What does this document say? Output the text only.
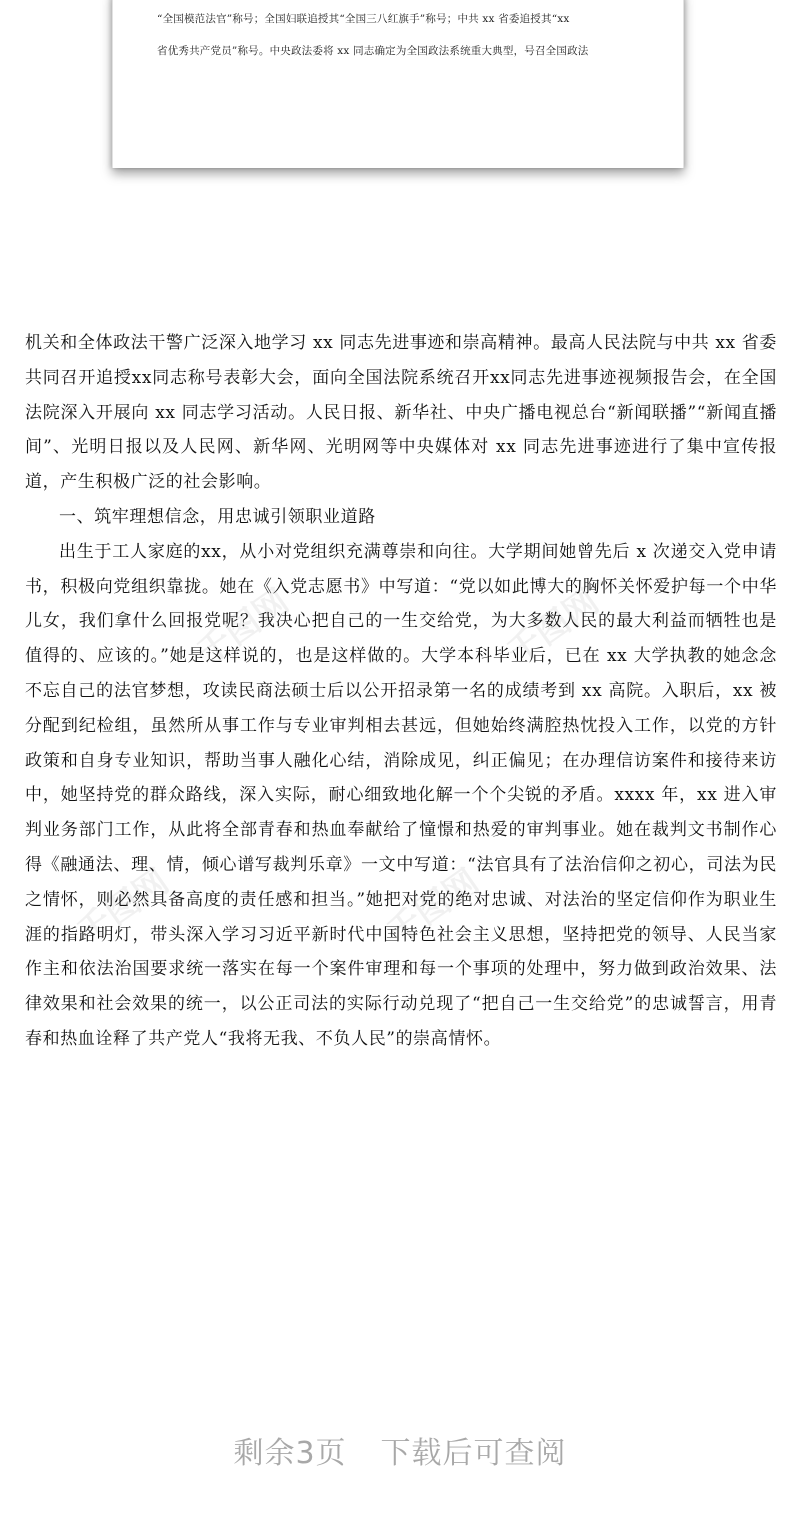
“全国模范法官”称号；全国妇联追授其“全国三八红旗手”称号；中共 xx 省委追授其“xx
省优秀共产党员”称号。中央政法委将 xx 同志确定为全国政法系统重大典型，号召全国政法
千图网	千图网
千图网	千图网

机关和全体政法干警广泛深入地学习 xx 同志先进事迹和崇高精神。最高人民法院与中共 xx 省委共同召开追授xx同志称号表彰大会，面向全国法院系统召开xx同志先进事迹视频报告会，在全国法院深入开展向 xx 同志学习活动。人民日报、新华社、中央广播电视总台“新闻联播”“新闻直播间”、光明日报以及人民网、新华网、光明网等中央媒体对 xx 同志先进事迹进行了集中宣传报道，产生积极广泛的社会影响。

一、筑牢理想信念，用忠诚引领职业道路

出生于工人家庭的xx，从小对党组织充满尊崇和向往。大学期间她曾先后 x 次递交入党申请书，积极向党组织靠拢。她在《入党志愿书》中写道：“党以如此博大的胸怀关怀爱护每一个中华儿女，我们拿什么回报党呢？我决心把自己的一生交给党，为大多数人民的最大利益而牺牲也是值得的、应该的。”她是这样说的，也是这样做的。大学本科毕业后，已在 xx 大学执教的她念念不忘自己的法官梦想，攻读民商法硕士后以公开招录第一名的成绩考到 xx 高院。入职后，xx 被分配到纪检组，虽然所从事工作与专业审判相去甚远，但她始终满腔热忱投入工作，以党的方针政策和自身专业知识，帮助当事人融化心结，消除成见，纠正偏见；在办理信访案件和接待来访中，她坚持党的群众路线，深入实际，耐心细致地化解一个个尖锐的矛盾。xxxx 年，xx 进入审判业务部门工作，从此将全部青春和热血奉献给了憧憬和热爱的审判事业。她在裁判文书制作心得《融通法、理、情，倾心谱写裁判乐章》一文中写道：“法官具有了法治信仰之初心，司法为民之情怀，则必然具备高度的责任感和担当。”她把对党的绝对忠诚、对法治的坚定信仰作为职业生涯的指路明灯，带头深入学习习近平新时代中国特色社会主义思想，坚持把党的领导、人民当家作主和依法治国要求统一落实在每一个案件审理和每一个事项的处理中，努力做到政治效果、法律效果和社会效果的统一，以公正司法的实际行动兑现了“把自己一生交给党”的忠诚誓言，用青春和热血诠释了共产党人“我将无我、不负人民”的崇高情怀。

剩余3页 下载后可查阅
